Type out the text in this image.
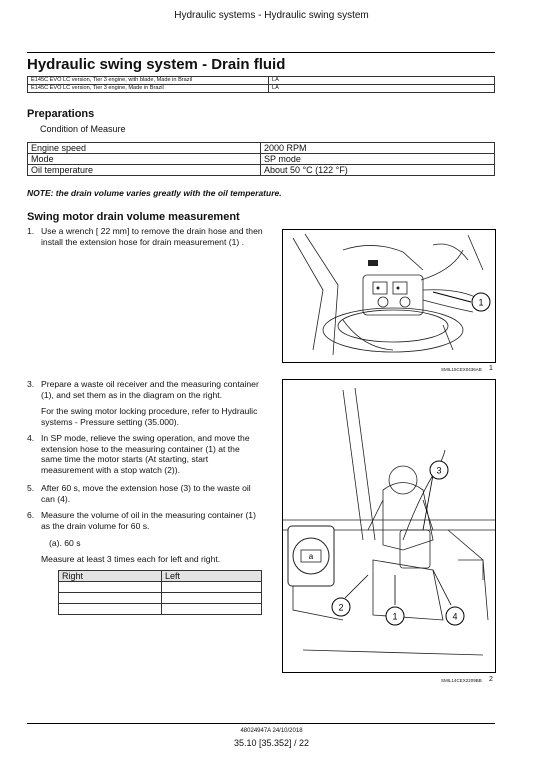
Hydraulic systems - Hydraulic swing system
Hydraulic swing system - Drain fluid
E145C EVO LC version, Tier 3 engine, with blade, Made in Brazil	LA
E145C EVO LC version, Tier 3 engine, Made in Brazil	LA
Preparations
Condition of Measure
Engine speed	2000 RPM
Mode	SP mode
Oil temperature	About 50 °C (122 °F)
NOTE: the drain volume varies greatly with the oil temperature.
Swing motor drain volume measurement
1. Use a wrench [ 22 mm] to remove the drain hose and then install the extension hose for drain measurement (1) .
3. Prepare a waste oil receiver and the measuring container (1), and set them as in the diagram on the right.
For the swing motor locking procedure, refer to Hydraulic systems - Pressure setting (35.000).
4. In SP mode, relieve the swing operation, and move the extension hose to the measuring container (1) at the same time the motor starts (At starting, start measurement with a stop watch (2)).
5. After 60 s, move the extension hose (3) to the waste oil can (4).
6. Measure the volume of oil in the measuring container (1) as the drain volume for 60 s.
(a). 60 s
Measure at least 3 times each for left and right.
Right	Left

1
SMIL15CEX0436AB 1
a
3
2
1	4
SMIL14CEX2209BB 2
48024947A 24/10/2018
35.10 [35.352] / 22
